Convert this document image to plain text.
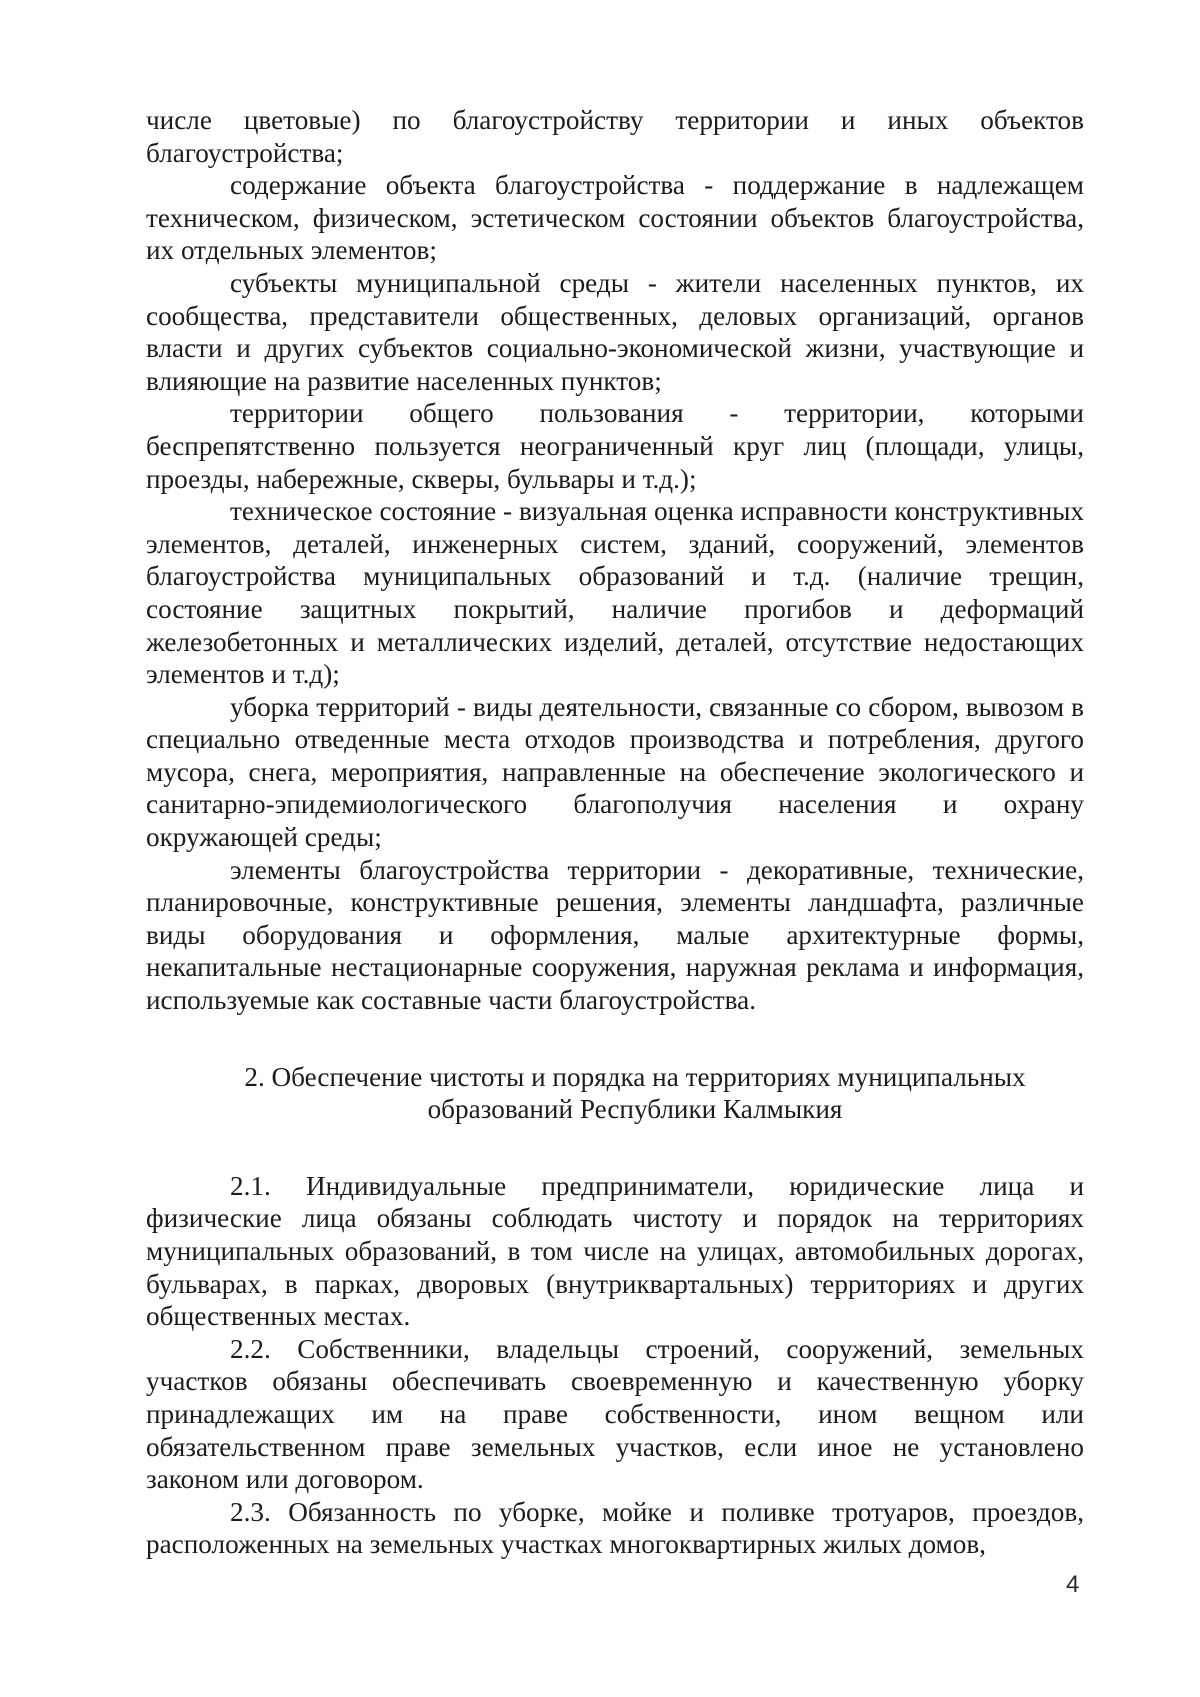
числе цветовые) по благоустройству территории и иных объектов благоустройства;

содержание объекта благоустройства - поддержание в надлежащем техническом, физическом, эстетическом состоянии объектов благоустройства, их отдельных элементов;

субъекты муниципальной среды - жители населенных пунктов, их сообщества, представители общественных, деловых организаций, органов власти и других субъектов социально-экономической жизни, участвующие и влияющие на развитие населенных пунктов;

территории общего пользования - территории, которыми беспрепятственно пользуется неограниченный круг лиц (площади, улицы, проезды, набережные, скверы, бульвары и т.д.);

техническое состояние - визуальная оценка исправности конструктивных элементов, деталей, инженерных систем, зданий, сооружений, элементов благоустройства муниципальных образований и т.д. (наличие трещин, состояние защитных покрытий, наличие прогибов и деформаций железобетонных и металлических изделий, деталей, отсутствие недостающих элементов и т.д);

уборка территорий - виды деятельности, связанные со сбором, вывозом в специально отведенные места отходов производства и потребления, другого мусора, снега, мероприятия, направленные на обеспечение экологического и санитарно-эпидемиологического благополучия населения и охрану окружающей среды;

элементы благоустройства территории - декоративные, технические, планировочные, конструктивные решения, элементы ландшафта, различные виды оборудования и оформления, малые архитектурные формы, некапитальные нестационарные сооружения, наружная реклама и информация, используемые как составные части благоустройства.

2. Обеспечение чистоты и порядка на территориях муниципальных
образований Республики Калмыкия

2.1. Индивидуальные предприниматели, юридические лица и физические лица обязаны соблюдать чистоту и порядок на территориях муниципальных образований, в том числе на улицах, автомобильных дорогах, бульварах, в парках, дворовых (внутриквартальных) территориях и других общественных местах.

2.2. Собственники, владельцы строений, сооружений, земельных участков обязаны обеспечивать своевременную и качественную уборку принадлежащих им на праве собственности, ином вещном или обязательственном праве земельных участков, если иное не установлено законом или договором.

2.3. Обязанность по уборке, мойке и поливке тротуаров, проездов, расположенных на земельных участках многоквартирных жилых домов,

4
